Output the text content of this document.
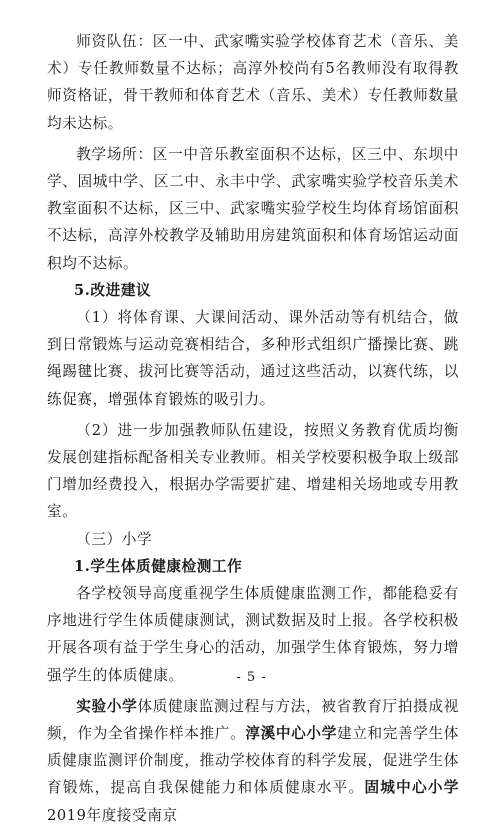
师资队伍：区一中、武家嘴实验学校体育艺术（音乐、美术）专任教师数量不达标；高淳外校尚有5名教师没有取得教师资格证，骨干教师和体育艺术（音乐、美术）专任教师数量均未达标。

教学场所：区一中音乐教室面积不达标，区三中、东坝中学、固城中学、区二中、永丰中学、武家嘴实验学校音乐美术教室面积不达标，区三中、武家嘴实验学校生均体育场馆面积不达标，高淳外校教学及辅助用房建筑面积和体育场馆运动面积均不达标。

5.改进建议

（1）将体育课、大课间活动、课外活动等有机结合，做到日常锻炼与运动竞赛相结合，多种形式组织广播操比赛、跳绳踢毽比赛、拔河比赛等活动，通过这些活动，以赛代练，以练促赛，增强体育锻炼的吸引力。

（2）进一步加强教师队伍建设，按照义务教育优质均衡发展创建指标配备相关专业教师。相关学校要积极争取上级部门增加经费投入，根据办学需要扩建、增建相关场地或专用教室。

（三）小学

1.学生体质健康检测工作

各学校领导高度重视学生体质健康监测工作，都能稳妥有序地进行学生体质健康测试，测试数据及时上报。各学校积极开展各项有益于学生身心的活动，加强学生体育锻炼，努力增强学生的体质健康。

实验小学体质健康监测过程与方法，被省教育厅拍摄成视频，作为全省操作样本推广。淳溪中心小学建立和完善学生体质健康监测评价制度，推动学校体育的科学发展，促进学生体育锻炼，提高自我保健能力和体质健康水平。固城中心小学2019年度接受南京

- 5 -
